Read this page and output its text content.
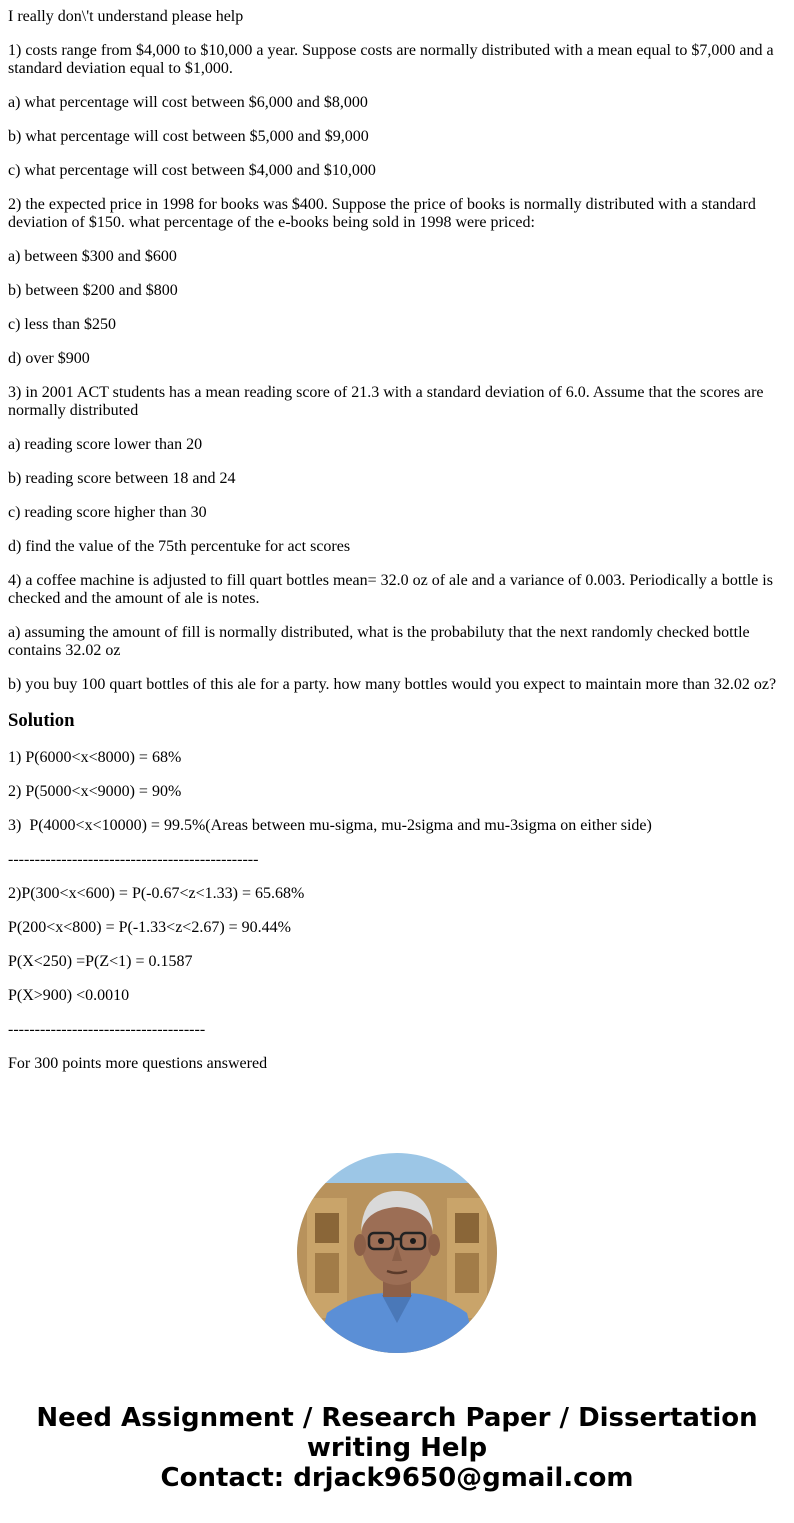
I really don\'t understand please help

1) costs range from $4,000 to $10,000 a year. Suppose costs are normally distributed with a mean equal to $7,000 and a standard deviation equal to $1,000.

a) what percentage will cost between $6,000 and $8,000

b) what percentage will cost between $5,000 and $9,000

c) what percentage will cost between $4,000 and $10,000

2) the expected price in 1998 for books was $400. Suppose the price of books is normally distributed with a standard deviation of $150. what percentage of the e-books being sold in 1998 were priced:

a) between $300 and $600

b) between $200 and $800

c) less than $250

d) over $900

3) in 2001 ACT students has a mean reading score of 21.3 with a standard deviation of 6.0. Assume that the scores are normally distributed

a) reading score lower than 20

b) reading score between 18 and 24

c) reading score higher than 30

d) find the value of the 75th percentuke for act scores

4) a coffee machine is adjusted to fill quart bottles mean= 32.0 oz of ale and a variance of 0.003. Periodically a bottle is checked and the amount of ale is notes.

a) assuming the amount of fill is normally distributed, what is the probabiluty that the next randomly checked bottle contains 32.02 oz

b) you buy 100 quart bottles of this ale for a party. how many bottles would you expect to maintain more than 32.02 oz?

Solution

1) P(6000<x<8000) = 68%

2) P(5000<x<9000) = 90%

3)  P(4000<x<10000) = 99.5%(Areas between mu-sigma, mu-2sigma and mu-3sigma on either side)

-----------------------------------------------

2)P(300<x<600) = P(-0.67<z<1.33) = 65.68%

P(200<x<800) = P(-1.33<z<2.67) = 90.44%

P(X<250) =P(Z<1) = 0.1587

P(X>900) <0.0010

-------------------------------------

For 300 points more questions answered

Need Assignment / Research Paper / Dissertation
writing Help
Contact: drjack9650@gmail.com
